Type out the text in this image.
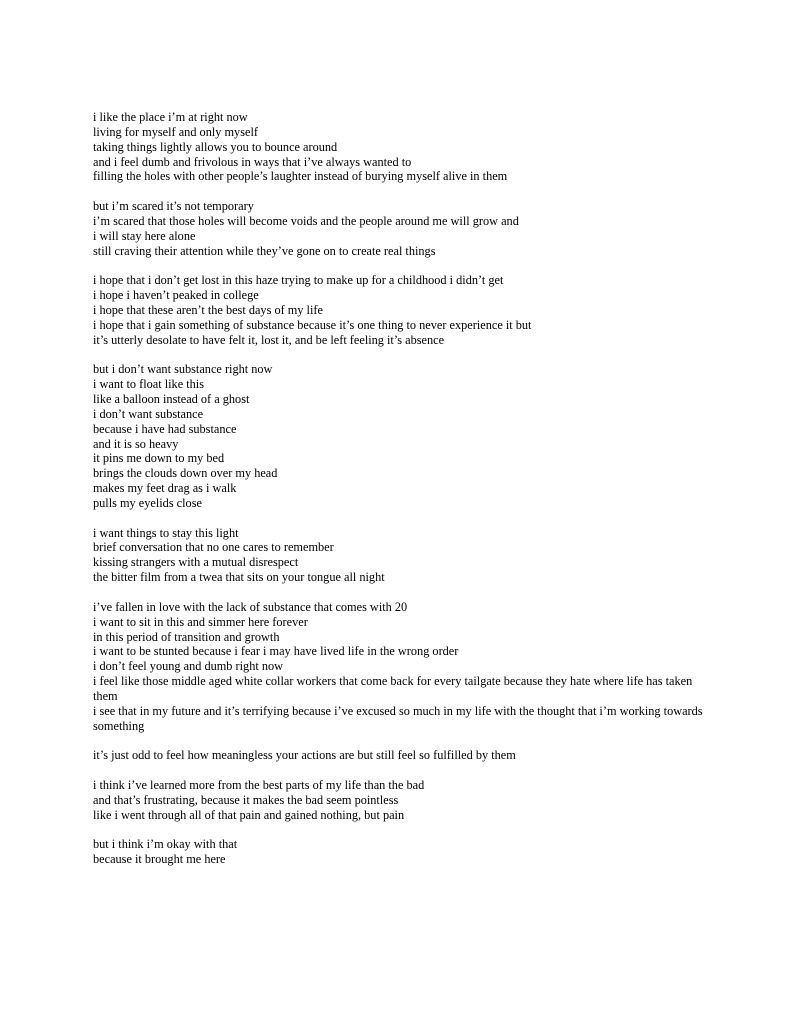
i like the place i’m at right now
living for myself and only myself
taking things lightly allows you to bounce around
and i feel dumb and frivolous in ways that i’ve always wanted to
filling the holes with other people’s laughter instead of burying myself alive in them
but i’m scared it’s not temporary
i’m scared that those holes will become voids and the people around me will grow and
i will stay here alone
still craving their attention while they’ve gone on to create real things
i hope that i don’t get lost in this haze trying to make up for a childhood i didn’t get
i hope i haven’t peaked in college
i hope that these aren’t the best days of my life
i hope that i gain something of substance because it’s one thing to never experience it but
it’s utterly desolate to have felt it, lost it, and be left feeling it’s absence
but i don’t want substance right now
i want to float like this
like a balloon instead of a ghost
i don’t want substance
because i have had substance
and it is so heavy
it pins me down to my bed
brings the clouds down over my head
makes my feet drag as i walk
pulls my eyelids close
i want things to stay this light
brief conversation that no one cares to remember
kissing strangers with a mutual disrespect
the bitter film from a twea that sits on your tongue all night
i’ve fallen in love with the lack of substance that comes with 20
i want to sit in this and simmer here forever
in this period of transition and growth
i want to be stunted because i fear i may have lived life in the wrong order
i don’t feel young and dumb right now
i feel like those middle aged white collar workers that come back for every tailgate because they hate where life has taken them
i see that in my future and it’s terrifying because i’ve excused so much in my life with the thought that i’m working towards something
it’s just odd to feel how meaningless your actions are but still feel so fulfilled by them
i think i’ve learned more from the best parts of my life than the bad
and that’s frustrating, because it makes the bad seem pointless
like i went through all of that pain and gained nothing, but pain
but i think i’m okay with that
because it brought me here
